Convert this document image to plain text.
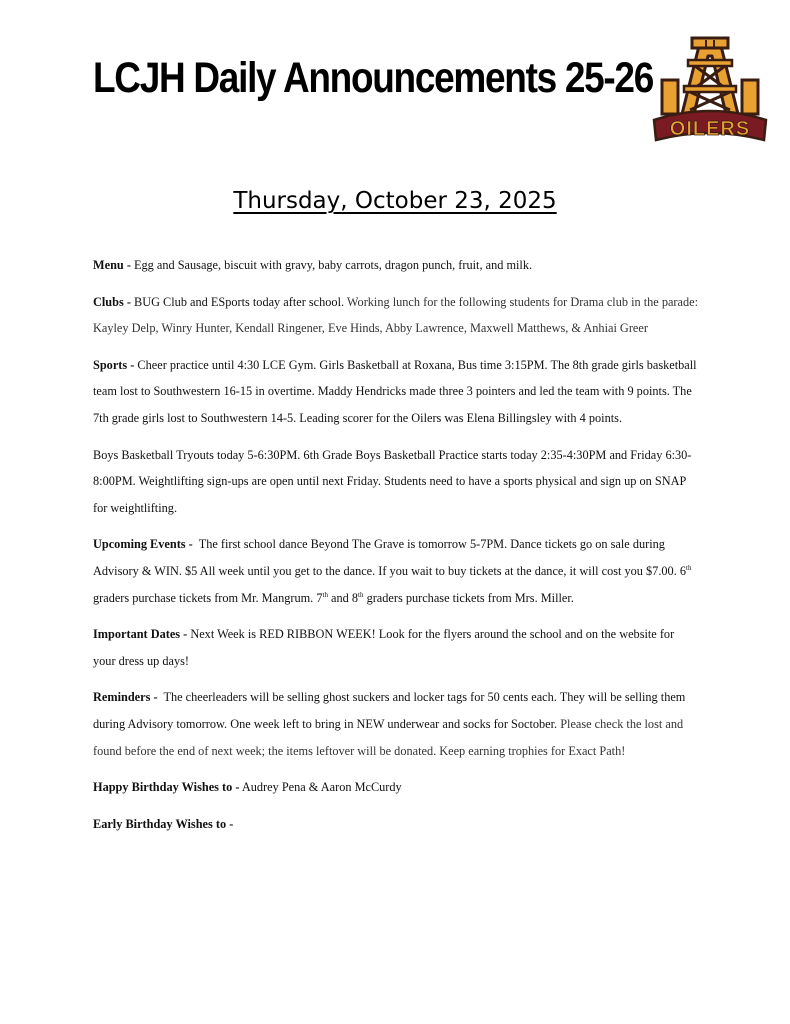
LCJH Daily Announcements 25-26
OILERS
Thursday, October 23, 2025

Menu - Egg and Sausage, biscuit with gravy, baby carrots, dragon punch, fruit, and milk.

Clubs - BUG Club and ESports today after school. Working lunch for the following students for Drama club in the parade: Kayley Delp, Winry Hunter, Kendall Ringener, Eve Hinds, Abby Lawrence, Maxwell Matthews, & Anhiai Greer

Sports - Cheer practice until 4:30 LCE Gym. Girls Basketball at Roxana, Bus time 3:15PM. The 8th grade girls basketball team lost to Southwestern 16-15 in overtime. Maddy Hendricks made three 3 pointers and led the team with 9 points. The 7th grade girls lost to Southwestern 14-5. Leading scorer for the Oilers was Elena Billingsley with 4 points.

Boys Basketball Tryouts today 5-6:30PM. 6th Grade Boys Basketball Practice starts today 2:35-4:30PM and Friday 6:30-8:00PM. Weightlifting sign-ups are open until next Friday. Students need to have a sports physical and sign up on SNAP for weightlifting.

Upcoming Events - The first school dance Beyond The Grave is tomorrow 5-7PM. Dance tickets go on sale during Advisory & WIN. $5 All week until you get to the dance. If you wait to buy tickets at the dance, it will cost you $7.00. 6th graders purchase tickets from Mr. Mangrum. 7th and 8th graders purchase tickets from Mrs. Miller.

Important Dates - Next Week is RED RIBBON WEEK! Look for the flyers around the school and on the website for your dress up days!

Reminders - The cheerleaders will be selling ghost suckers and locker tags for 50 cents each. They will be selling them during Advisory tomorrow. One week left to bring in NEW underwear and socks for Soctober. Please check the lost and found before the end of next week; the items leftover will be donated. Keep earning trophies for Exact Path!

Happy Birthday Wishes to - Audrey Pena & Aaron McCurdy

Early Birthday Wishes to -
